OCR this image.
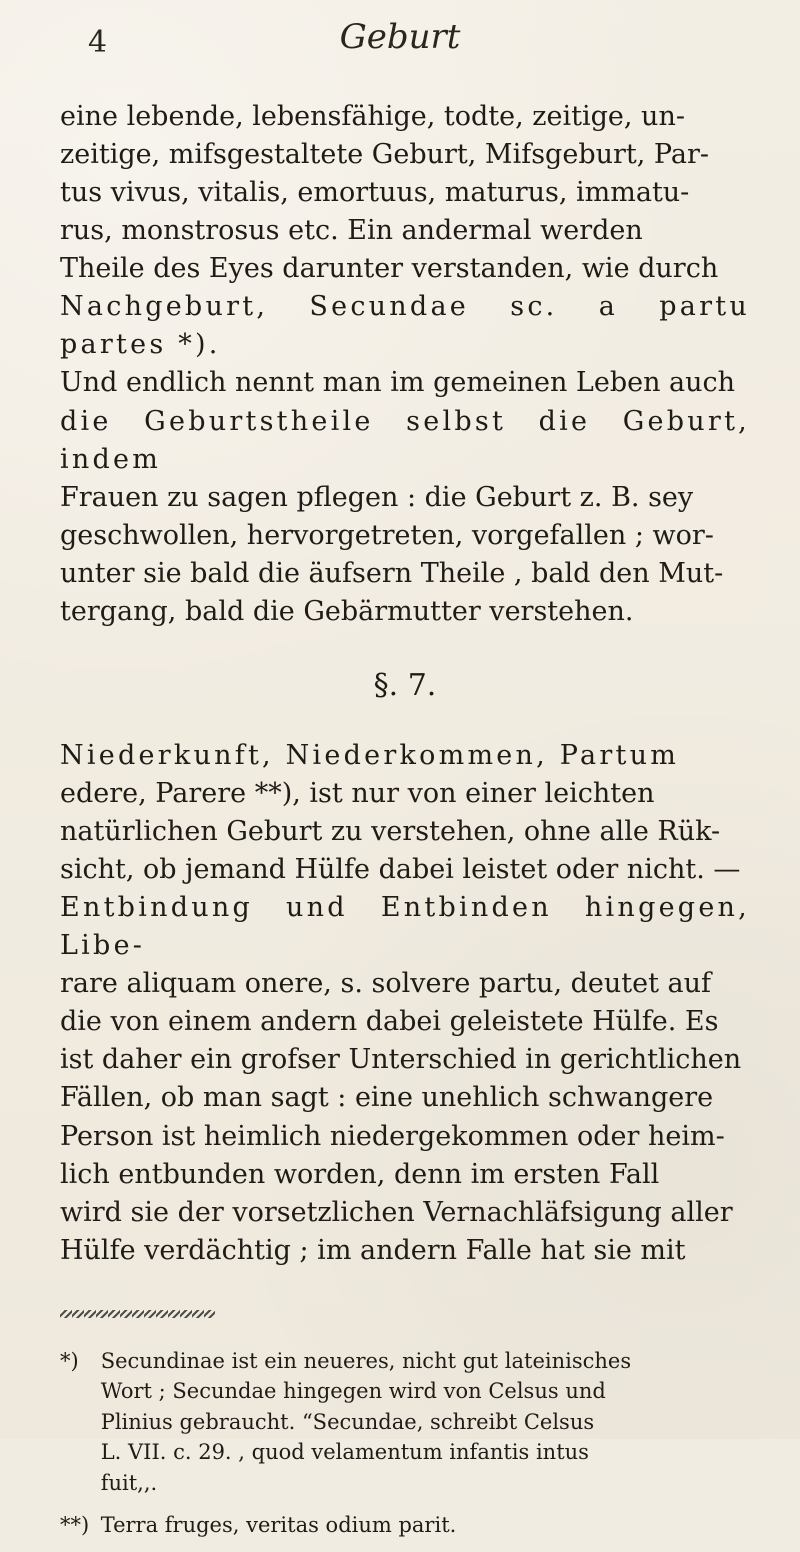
4	Geburt
eine lebende, lebensfähige, todte, zeitige, un-
zeitige, mifsgestaltete Geburt, Mifsgeburt, Par-
tus vivus, vitalis, emortuus, maturus, immatu-
rus, monstrosus etc. Ein andermal werden
Theile des Eyes darunter verstanden, wie durch
Nachgeburt, Secundae sc. a partu partes *).
Und endlich nennt man im gemeinen Leben auch
die Geburtstheile selbst die Geburt, indem
Frauen zu sagen pflegen : die Geburt z. B. sey
geschwollen, hervorgetreten, vorgefallen ; wor-
unter sie bald die äufsern Theile , bald den Mut-
tergang, bald die Gebärmutter verstehen.
§. 7.
Niederkunft, Niederkommen, Partum
edere, Parere **), ist nur von einer leichten
natürlichen Geburt zu verstehen, ohne alle Rük-
sicht, ob jemand Hülfe dabei leistet oder nicht. —
Entbindung und Entbinden hingegen, Libe-
rare aliquam onere, s. solvere partu, deutet auf
die von einem andern dabei geleistete Hülfe. Es
ist daher ein grofser Unterschied in gerichtlichen
Fällen, ob man sagt : eine unehlich schwangere
Person ist heimlich niedergekommen oder heim-
lich entbunden worden, denn im ersten Fall
wird sie der vorsetzlichen Vernachläfsigung aller
Hülfe verdächtig ; im andern Falle hat sie mit
*) Secundinae ist ein neueres, nicht gut lateinisches
Wort ; Secundae hingegen wird von Celsus und
Plinius gebraucht. “Secundae, schreibt Celsus
L. VII. c. 29. , quod velamentum infantis intus
fuit,,.
**) Terra fruges, veritas odium parit.
